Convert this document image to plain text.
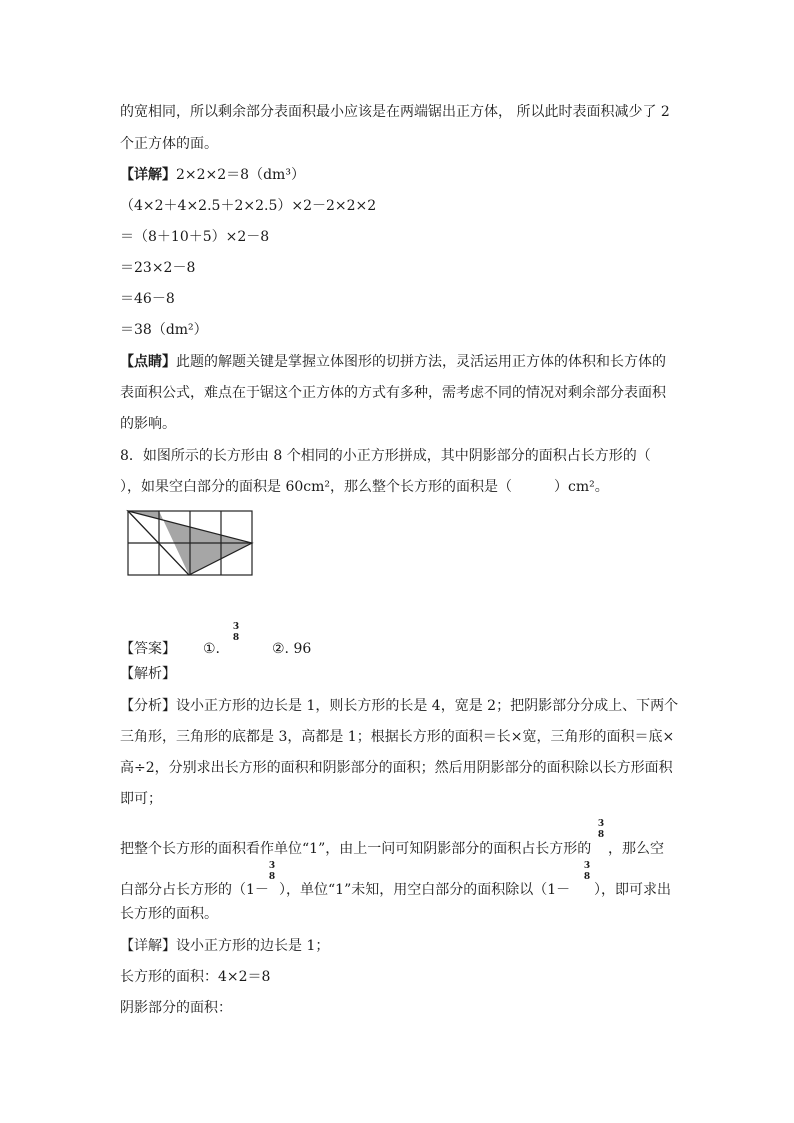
的宽相同，所以剩余部分表面积最小应该是在两端锯出正方体， 所以此时表面积减少了 2
个正方体的面。
【详解】2×2×2＝8（dm³）
（4×2＋4×2.5＋2×2.5）×2－2×2×2
＝（8＋10＋5）×2－8
＝23×2－8
＝46－8
＝38（dm²）
【点睛】此题的解题关键是掌握立体图形的切拼方法，灵活运用正方体的体积和长方体的
表面积公式，难点在于锯这个正方体的方式有多种，需考虑不同的情况对剩余部分表面积
的影响。
8．如图所示的长方形由 8 个相同的小正方形拼成，其中阴影部分的面积占长方形的（
），如果空白部分的面积是 60cm²，那么整个长方形的面积是（　　　）cm²。
【答案】 ①.
3
8
②. 96
【解析】
【分析】设小正方形的边长是 1，则长方形的长是 4，宽是 2；把阴影部分分成上、下两个
三角形，三角形的底都是 3，高都是 1；根据长方形的面积＝长×宽，三角形的面积＝底×
高÷2，分别求出长方形的面积和阴影部分的面积；然后用阴影部分的面积除以长方形面积
即可；
把整个长方形的面积看作单位“1”，由上一问可知阴影部分的面积占长方形的
3
8
，那么空
白部分占长方形的（1－
3
8
），单位“1”未知，用空白部分的面积除以（1－
3
8
），即可求出
长方形的面积。
【详解】设小正方形的边长是 1；
长方形的面积：4×2＝8
阴影部分的面积：
